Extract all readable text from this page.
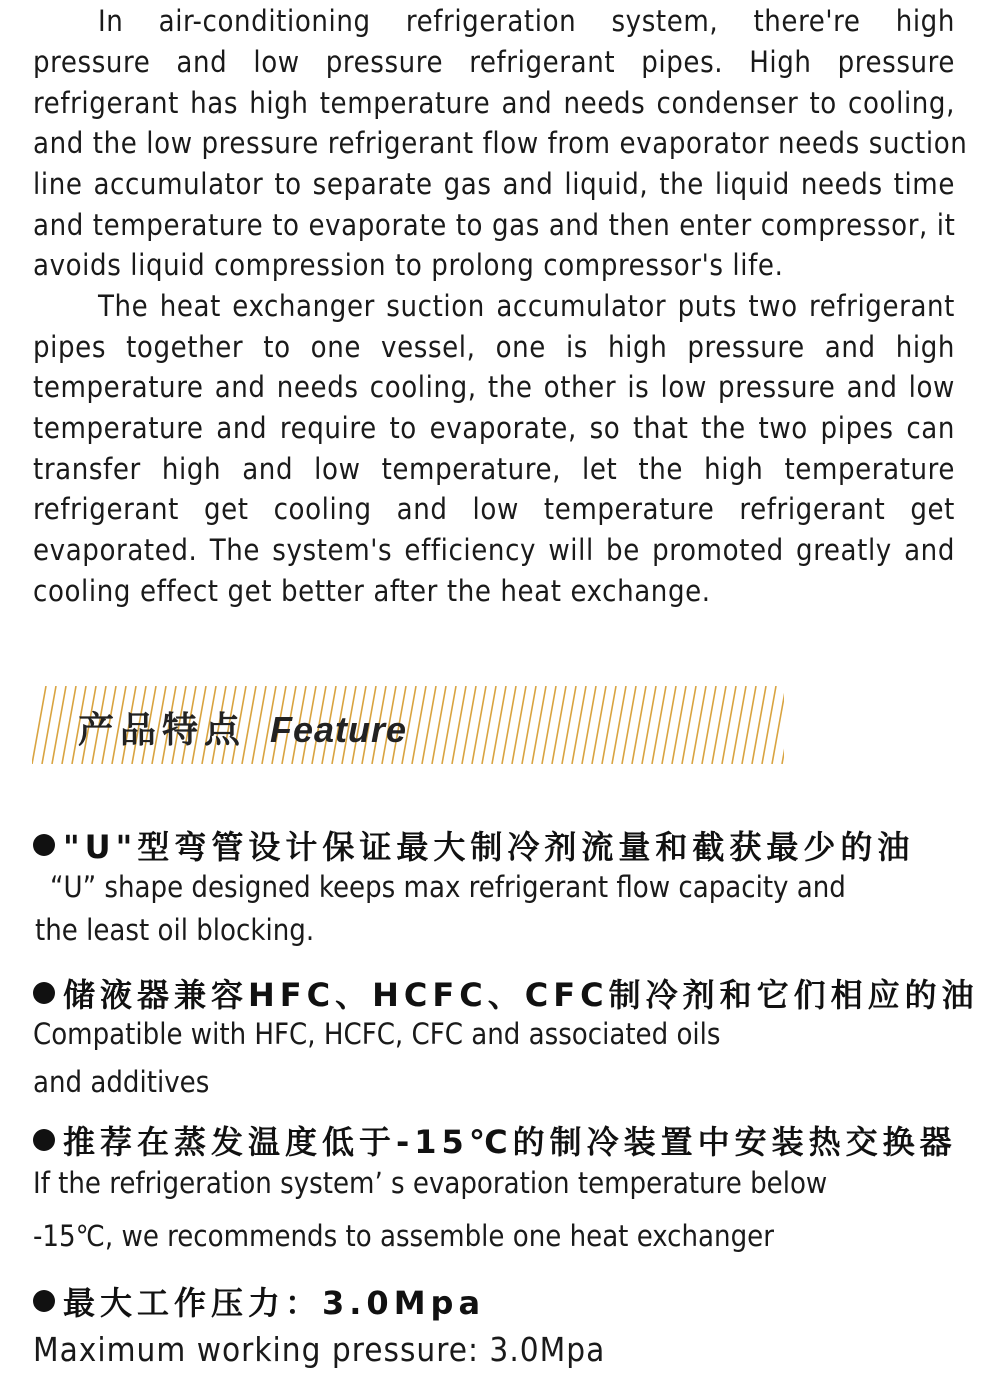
In air-conditioning refrigeration system, there're high
pressure and low pressure refrigerant pipes. High pressure
refrigerant has high temperature and needs condenser to cooling,
and the low pressure refrigerant flow from evaporator needs suction
line accumulator to separate gas and liquid, the liquid needs time
and temperature to evaporate to gas and then enter compressor, it
avoids liquid compression to prolong compressor's life.
The heat exchanger suction accumulator puts two refrigerant
pipes together to one vessel, one is high pressure and high
temperature and needs cooling, the other is low pressure and low
temperature and require to evaporate, so that the two pipes can
transfer high and low temperature, let the high temperature
refrigerant get cooling and low temperature refrigerant get
evaporated. The system's efficiency will be promoted greatly and
cooling effect get better after the heat exchange.
产品特点 Feature
"U"型弯管设计保证最大制冷剂流量和截获最少的油
“U” shape designed keeps max refrigerant flow capacity and
the least oil blocking.
储液器兼容HFC、HCFC、CFC制冷剂和它们相应的油
Compatible with HFC, HCFC, CFC and associated oils
and additives
推荐在蒸发温度低于-15℃的制冷装置中安装热交换器
If the refrigeration system’ s evaporation temperature below
-15℃, we recommends to assemble one heat exchanger
最大工作压力：3.0Mpa
Maximum working pressure: 3.0Mpa
